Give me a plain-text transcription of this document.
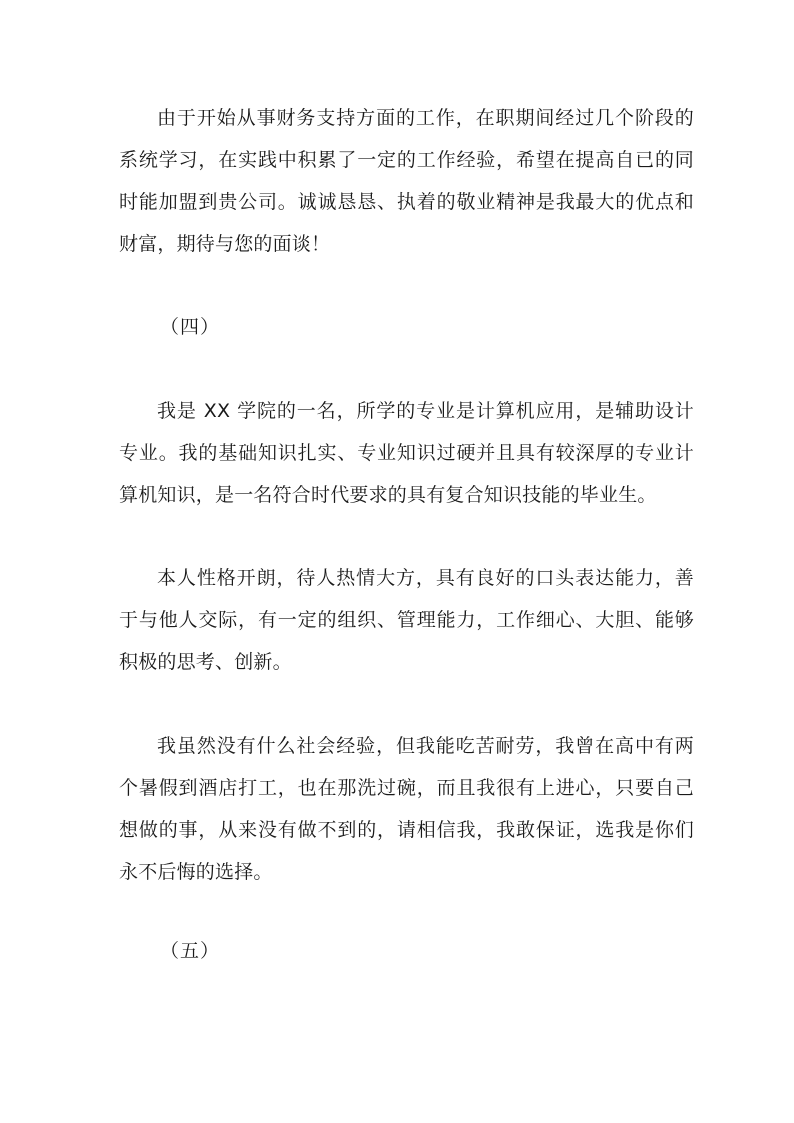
由于开始从事财务支持方面的工作，在职期间经过几个阶段的系统学习，在实践中积累了一定的工作经验，希望在提高自已的同时能加盟到贵公司。诚诚恳恳、执着的敬业精神是我最大的优点和财富，期待与您的面谈！

（四）

我是 XX 学院的一名，所学的专业是计算机应用，是辅助设计专业。我的基础知识扎实、专业知识过硬并且具有较深厚的专业计算机知识，是一名符合时代要求的具有复合知识技能的毕业生。

本人性格开朗，待人热情大方，具有良好的口头表达能力，善于与他人交际，有一定的组织、管理能力，工作细心、大胆、能够积极的思考、创新。

我虽然没有什么社会经验，但我能吃苦耐劳，我曾在高中有两个暑假到酒店打工，也在那洗过碗，而且我很有上进心，只要自己想做的事，从来没有做不到的，请相信我，我敢保证，选我是你们永不后悔的选择。

（五）
